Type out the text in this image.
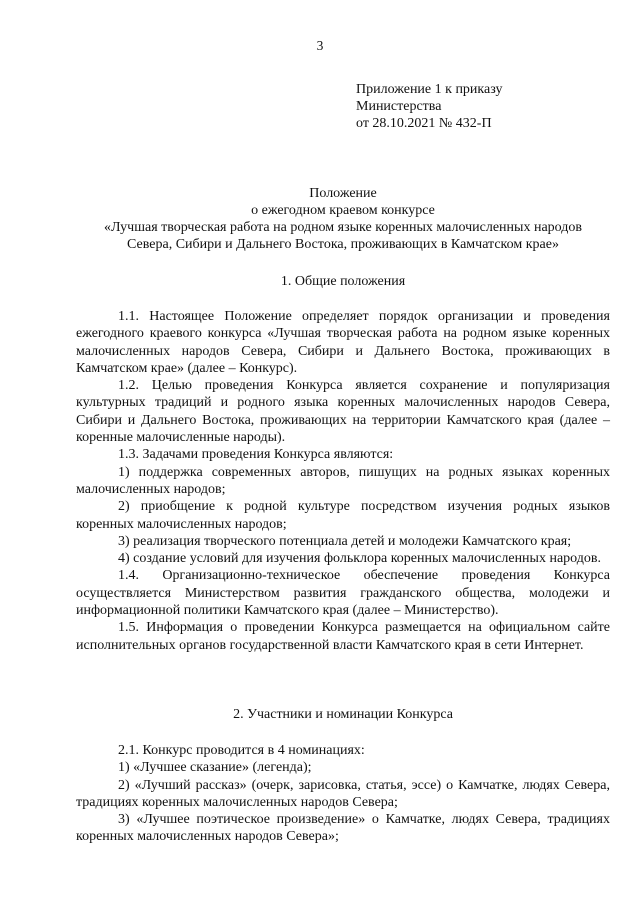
3
Приложение 1 к приказу
Министерства
от 28.10.2021 № 432-П
Положение
о ежегодном краевом конкурсе
«Лучшая творческая работа на родном языке коренных малочисленных народов
Севера, Сибири и Дальнего Востока, проживающих в Камчатском крае»
1. Общие положения

1.1. Настоящее Положение определяет порядок организации и проведения ежегодного краевого конкурса «Лучшая творческая работа на родном языке коренных малочисленных народов Севера, Сибири и Дальнего Востока, проживающих в Камчатском крае» (далее – Конкурс).

1.2. Целью проведения Конкурса является сохранение и популяризация культурных традиций и родного языка коренных малочисленных народов Севера, Сибири и Дальнего Востока, проживающих на территории Камчатского края (далее – коренные малочисленные народы).

1.3. Задачами проведения Конкурса являются:

1) поддержка современных авторов, пишущих на родных языках коренных малочисленных народов;

2) приобщение к родной культуре посредством изучения родных языков коренных малочисленных народов;

3) реализация творческого потенциала детей и молодежи Камчатского края;

4) создание условий для изучения фольклора коренных малочисленных народов.

1.4. Организационно-техническое обеспечение проведения Конкурса осуществляется Министерством развития гражданского общества, молодежи и информационной политики Камчатского края (далее – Министерство).

1.5. Информация о проведении Конкурса размещается на официальном сайте исполнительных органов государственной власти Камчатского края в сети Интернет.

2. Участники и номинации Конкурса

2.1. Конкурс проводится в 4 номинациях:

1) «Лучшее сказание» (легенда);

2) «Лучший рассказ» (очерк, зарисовка, статья, эссе) о Камчатке, людях Севера, традициях коренных малочисленных народов Севера;

3) «Лучшее поэтическое произведение» о Камчатке, людях Севера, традициях коренных малочисленных народов Севера»;
